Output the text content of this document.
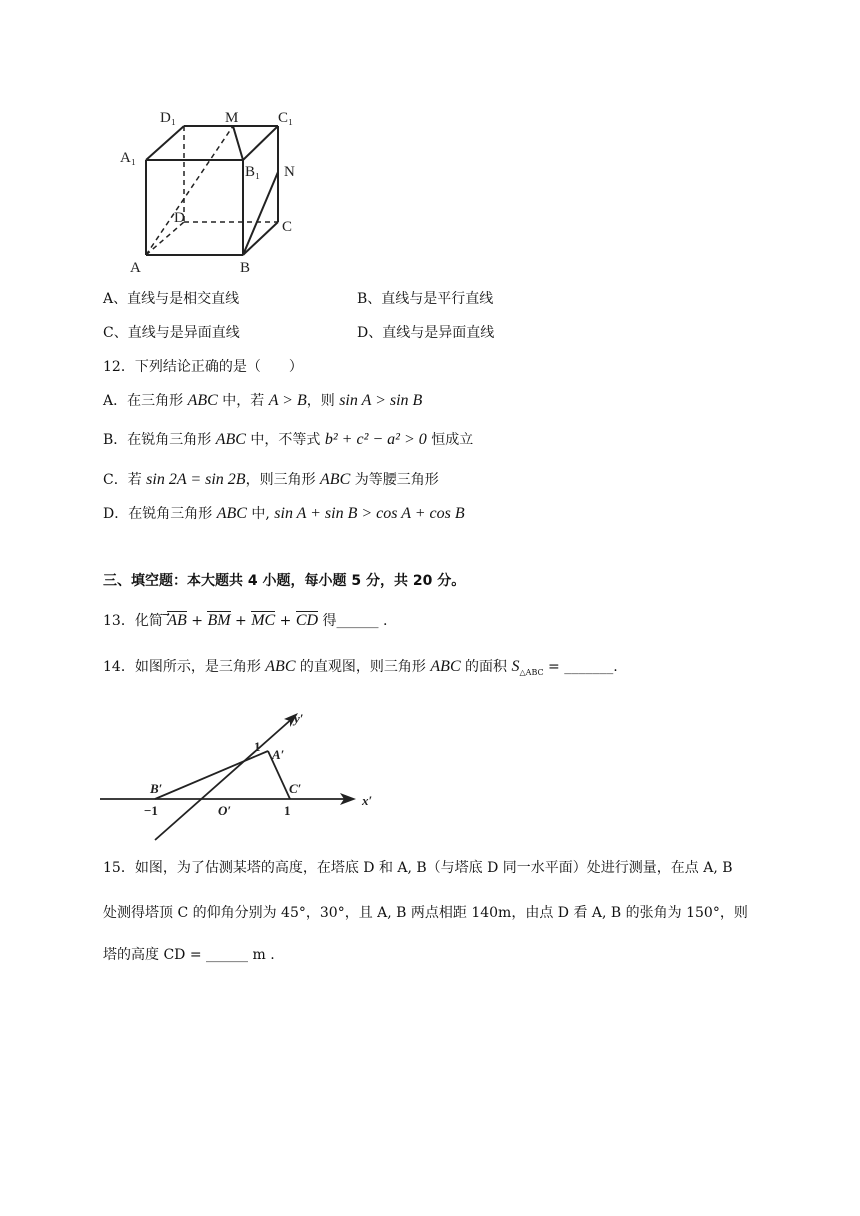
D₁	M	C₁
A₁
B₁ N
D
C
A	B
A、直线与是相交直线	B、直线与是平行直线
C、直线与是异面直线	D、直线与是异面直线
12．下列结论正确的是（　　）
A．在三角形 ABC 中，若 A > B，则 sin A > sin B
B．在锐角三角形 ABC 中，不等式 b² + c² − a² > 0 恒成立
C．若 sin 2A = sin 2B，则三角形 ABC 为等腰三角形
D．在锐角三角形 ABC 中, sin A + sin B > cos A + cos B
三、填空题：本大题共 4 小题，每小题 5 分，共 20 分。
13．化简 AB + BM + MC + CD 得______ .
14．如图所示，是三角形 ABC 的直观图，则三角形 ABC 的面积 $S_{\triangle ABC}$ = _______.
y′
1
A′
B′	C′
−1	O′	1
x′
15．如图，为了估测某塔的高度，在塔底 D 和 A, B（与塔底 D 同一水平面）处进行测量，在点 A, B
处测得塔顶 C 的仰角分别为 45°，30°，且 A, B 两点相距 140m，由点 D 看 A, B 的张角为 150°，则
塔的高度 CD = ______ m .
